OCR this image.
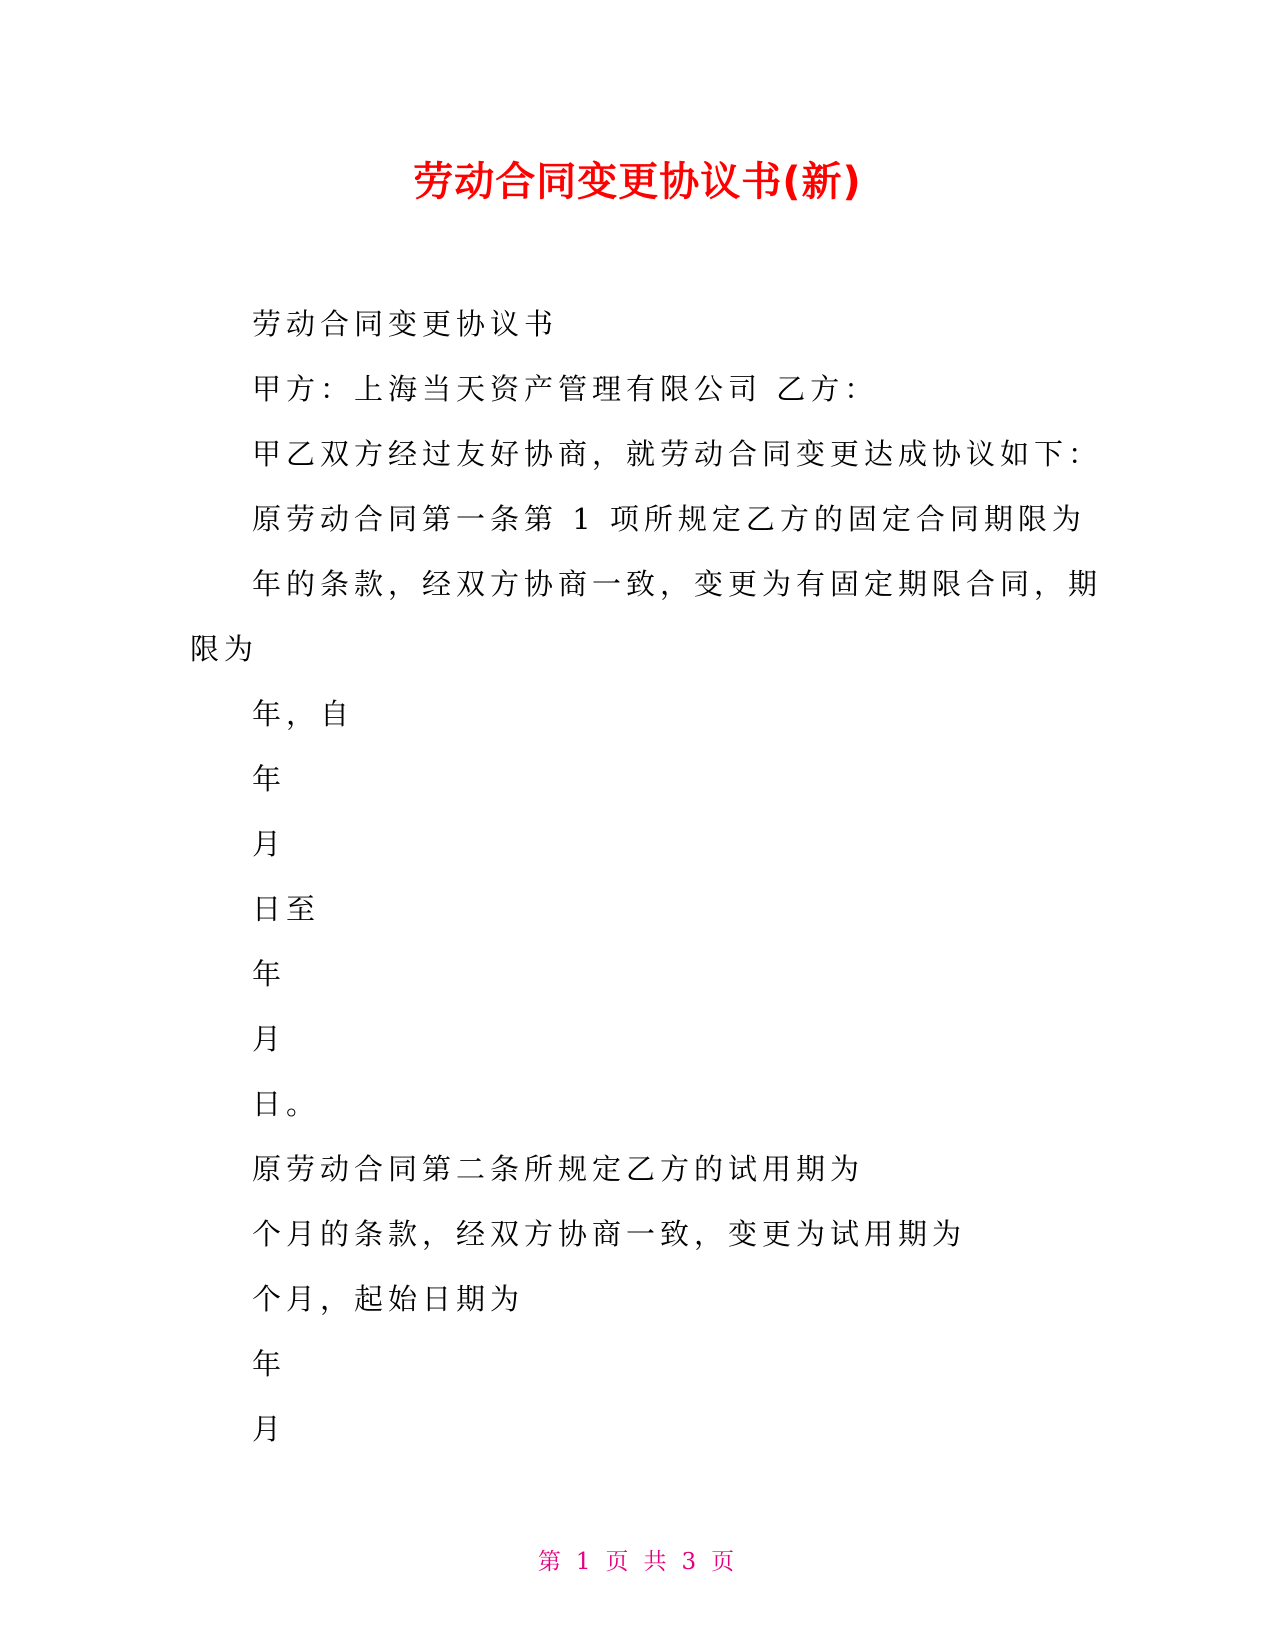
劳动合同变更协议书(新)
劳动合同变更协议书
甲方：上海当天资产管理有限公司 乙方：
甲乙双方经过友好协商，就劳动合同变更达成协议如下：
原劳动合同第一条第 1 项所规定乙方的固定合同期限为
年的条款，经双方协商一致，变更为有固定期限合同，期
限为
年，自
年
月
日至
年
月
日。
原劳动合同第二条所规定乙方的试用期为
个月的条款，经双方协商一致，变更为试用期为
个月，起始日期为
年
月
第 1 页 共 3 页
